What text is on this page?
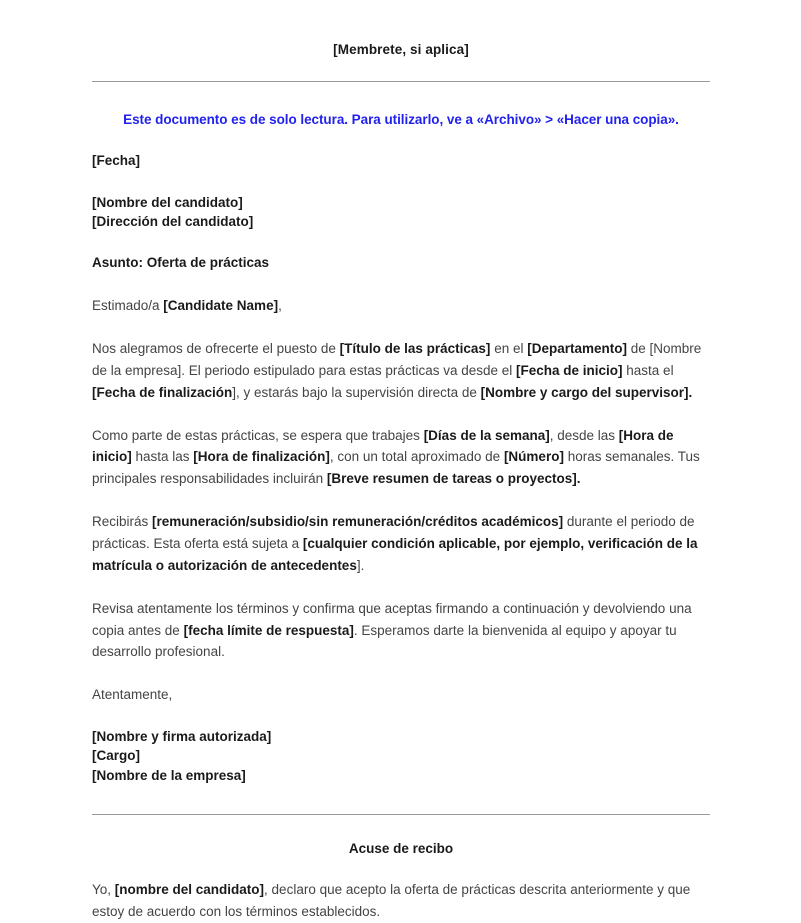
[Membrete, si aplica]
Este documento es de solo lectura. Para utilizarlo, ve a «Archivo» > «Hacer una copia».

[Fecha]

[Nombre del candidato]
[Dirección del candidato]

Asunto: Oferta de prácticas

Estimado/a [Candidate Name],

Nos alegramos de ofrecerte el puesto de [Título de las prácticas] en el [Departamento] de [Nombre de la empresa]. El periodo estipulado para estas prácticas va desde el [Fecha de inicio] hasta el [Fecha de finalización], y estarás bajo la supervisión directa de [Nombre y cargo del supervisor].

Como parte de estas prácticas, se espera que trabajes [Días de la semana], desde las [Hora de inicio] hasta las [Hora de finalización], con un total aproximado de [Número] horas semanales. Tus principales responsabilidades incluirán [Breve resumen de tareas o proyectos].

Recibirás [remuneración/subsidio/sin remuneración/créditos académicos] durante el periodo de prácticas. Esta oferta está sujeta a [cualquier condición aplicable, por ejemplo, verificación de la matrícula o autorización de antecedentes].

Revisa atentamente los términos y confirma que aceptas firmando a continuación y devolviendo una copia antes de [fecha límite de respuesta]. Esperamos darte la bienvenida al equipo y apoyar tu desarrollo profesional.

Atentamente,

[Nombre y firma autorizada]
[Cargo]
[Nombre de la empresa]

Acuse de recibo

Yo, [nombre del candidato], declaro que acepto la oferta de prácticas descrita anteriormente y que estoy de acuerdo con los términos establecidos.
